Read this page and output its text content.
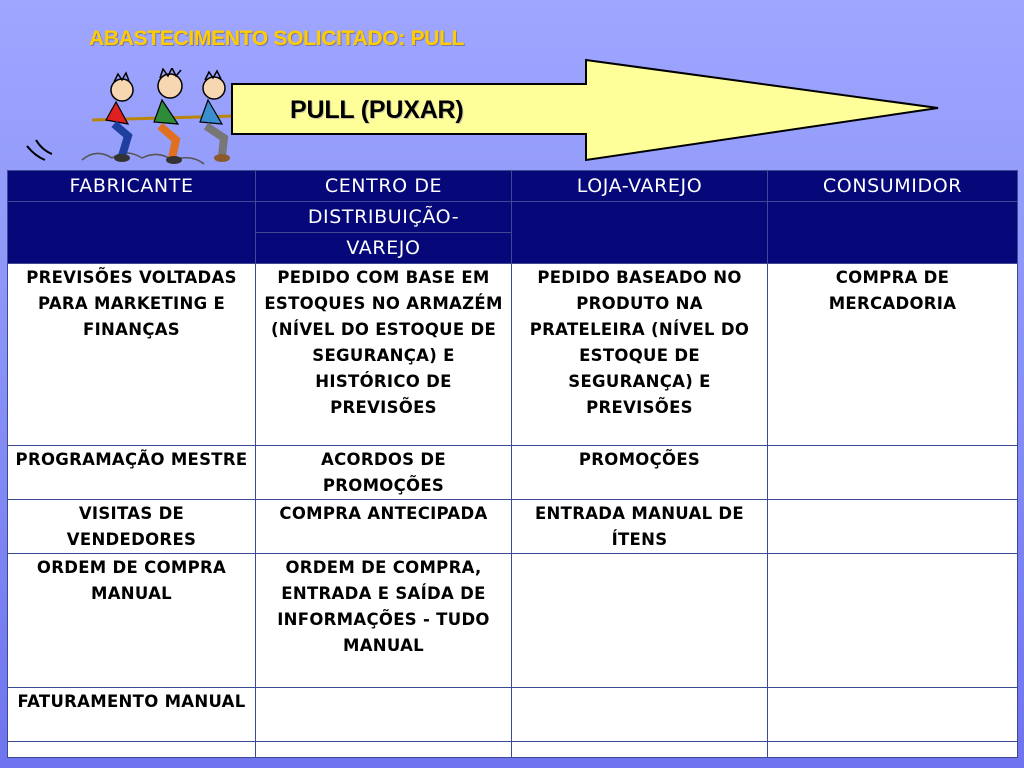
ABASTECIMENTO SOLICITADO: PULL
PULL (PUXAR)
FABRICANTE	CENTRO DE	LOJA-VAREJO	CONSUMIDOR
	DISTRIBUIÇÃO-		
	VAREJO		
PREVISÕES VOLTADAS PARA MARKETING E FINANÇAS	PEDIDO COM BASE EM ESTOQUES NO ARMAZÉM (NÍVEL DO ESTOQUE DE SEGURANÇA) E HISTÓRICO DE PREVISÕES	PEDIDO BASEADO NO PRODUTO NA PRATELEIRA (NÍVEL DO ESTOQUE DE SEGURANÇA) E PREVISÕES	COMPRA DE MERCADORIA
PROGRAMAÇÃO MESTRE	ACORDOS DE PROMOÇÕES	PROMOÇÕES	
VISITAS DE VENDEDORES	COMPRA ANTECIPADA	ENTRADA MANUAL DE ÍTENS	
ORDEM DE COMPRA MANUAL	ORDEM DE COMPRA, ENTRADA E SAÍDA DE INFORMAÇÕES - TUDO MANUAL		
FATURAMENTO MANUAL			
